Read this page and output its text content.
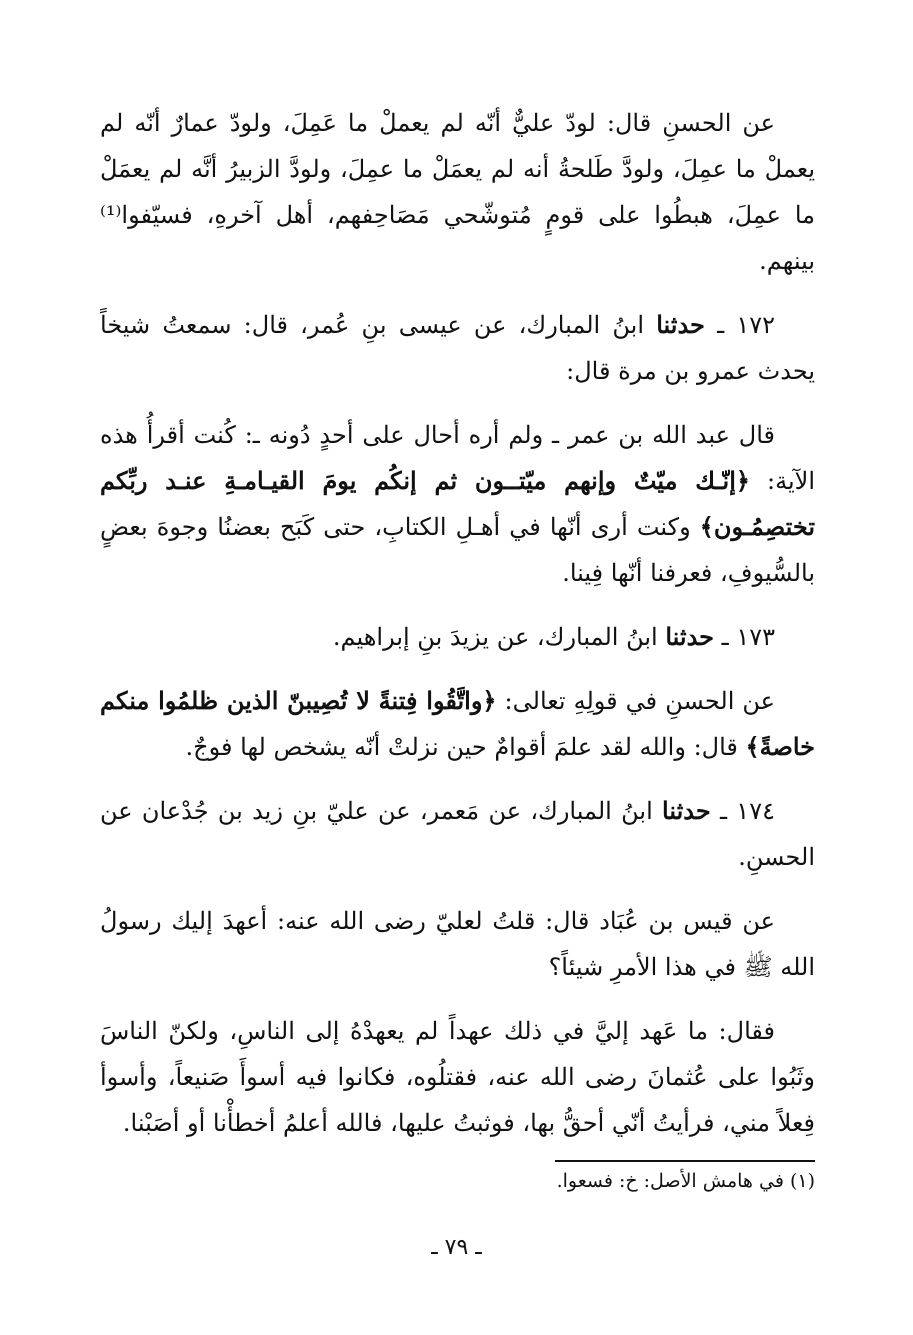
عن الحسنِ قال: لودّ عليٌّ أنّه لم يعملْ ما عَمِلَ، ولودّ عمارٌ أنّه لم يعملْ ما عمِلَ، ولودَّ طَلحةُ أنه لم يعمَلْ ما عمِلَ، ولودَّ الزبيرُ أنَّه لم يعمَلْ ما عمِلَ، هبطُوا على قومٍ مُتوشّحي مَصَاحِفهم، أهل آخرهِ، فسيّفوا⁽¹⁾ بينهم.

١٧٢ ـ حدثنا ابنُ المبارك، عن عيسى بنِ عُمر، قال: سمعتُ شيخاً يحدث عمرو بن مرة قال:

قال عبد الله بن عمر ـ ولم أره أحال على أحدٍ دُونه ـ: كُنت أقرأُ هذه الآية: ﴿إنّـك ميّتٌ وإنهم ميّتــون ثم إنكُم يومَ القيـامـةِ عنـد ربِّكم تختصِمُـون﴾ وكنت أرى أنّها في أهـلِ الكتابِ، حتى كَبَح بعضنُا وجوهَ بعضٍ بالسُّيوفِ، فعرفنا أنّها فِينا.

١٧٣ ـ حدثنا ابنُ المبارك، عن يزيدَ بنِ إبراهيم.

عن الحسنِ في قولِهِ تعالى: ﴿واتَّقُوا فِتنةً لا تُصِيبنّ الذين ظلمُوا منكم خاصةً﴾ قال: والله لقد علمَ أقوامٌ حين نزلتْ أنّه يشخص لها فوجٌ.

١٧٤ ـ حدثنا ابنُ المبارك، عن مَعمر، عن عليّ بنِ زيد بن جُدْعان عن الحسنِ.

عن قيس بن عُبَاد قال: قلتُ لعليّ رضى الله عنه: أعهدَ إليك رسولُ الله ﷺ في هذا الأمرِ شيئاً؟

فقال: ما عَهد إليَّ في ذلك عهداً لم يعهدْهُ إلى الناسِ، ولكنّ الناسَ وثَبُوا على عُثمانَ رضى الله عنه، فقتلُوه، فكانوا فيه أسوأَ صَنيعاً، وأسوأ فِعلاً مني، فرأيتُ أنّي أحقُّ بها، فوثبتُ عليها، فالله أعلمُ أخطأْنا أو أصَبْنا.

(١) في هامش الأصل: خ: فسعوا.
ـ ٧٩ ـ
